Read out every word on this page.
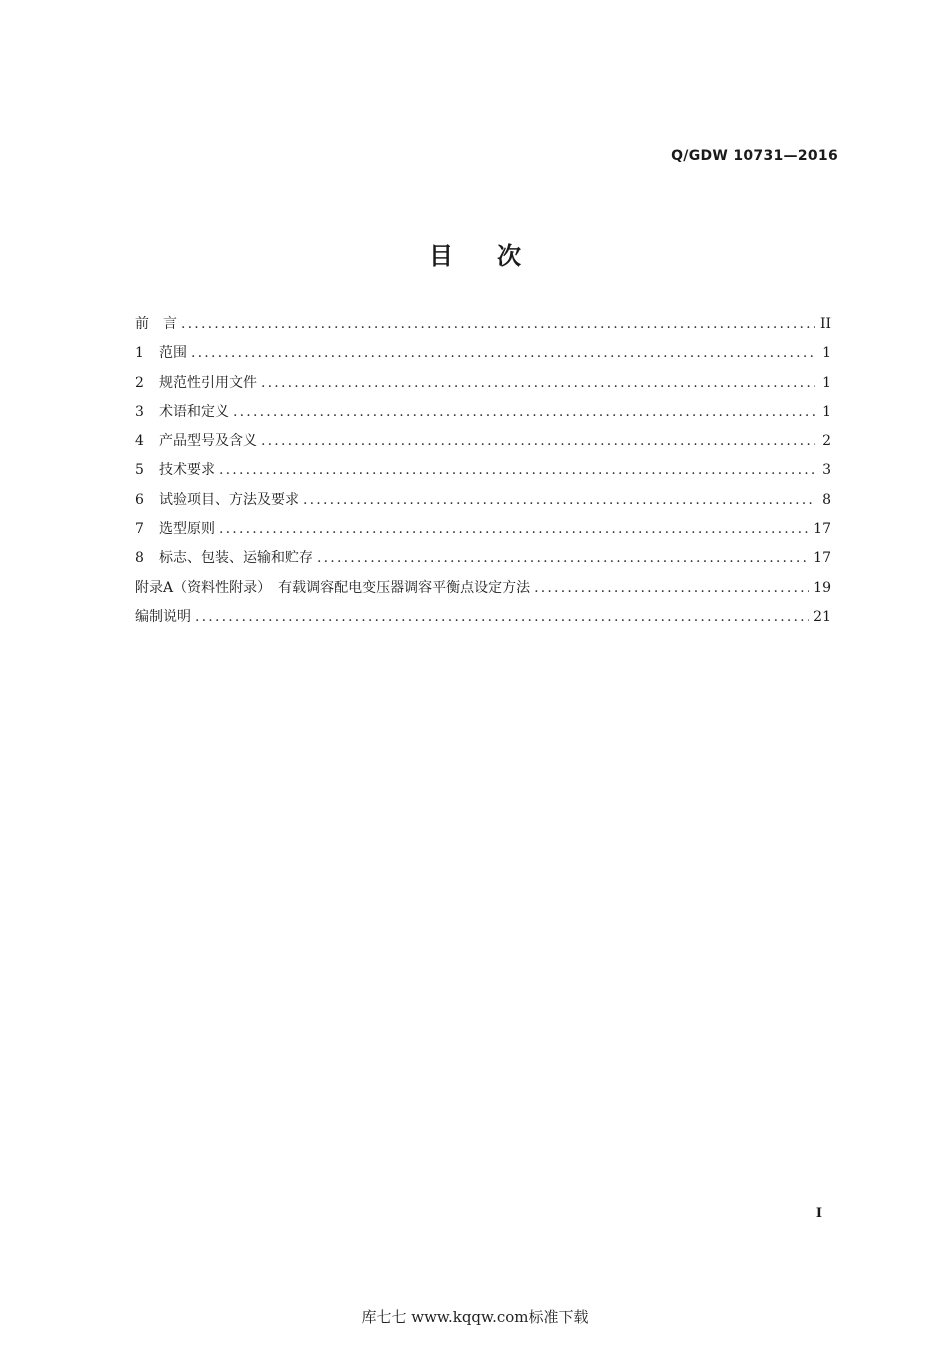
Q/GDW 10731—2016
目次
前　言 .....	II
1	范围 .....	1
2	规范性引用文件 .....	1
3	术语和定义 .....	1
4	产品型号及含义 .....	2
5	技术要求 .....	3
6	试验项目、方法及要求 .....	8
7	选型原则 .....	17
8	标志、包装、运输和贮存 .....	17
附录A（资料性附录）　有载调容配电变压器调容平衡点设定方法 .....	19
编制说明 .....	21
I
库七七 www.kqqw.com标准下载
